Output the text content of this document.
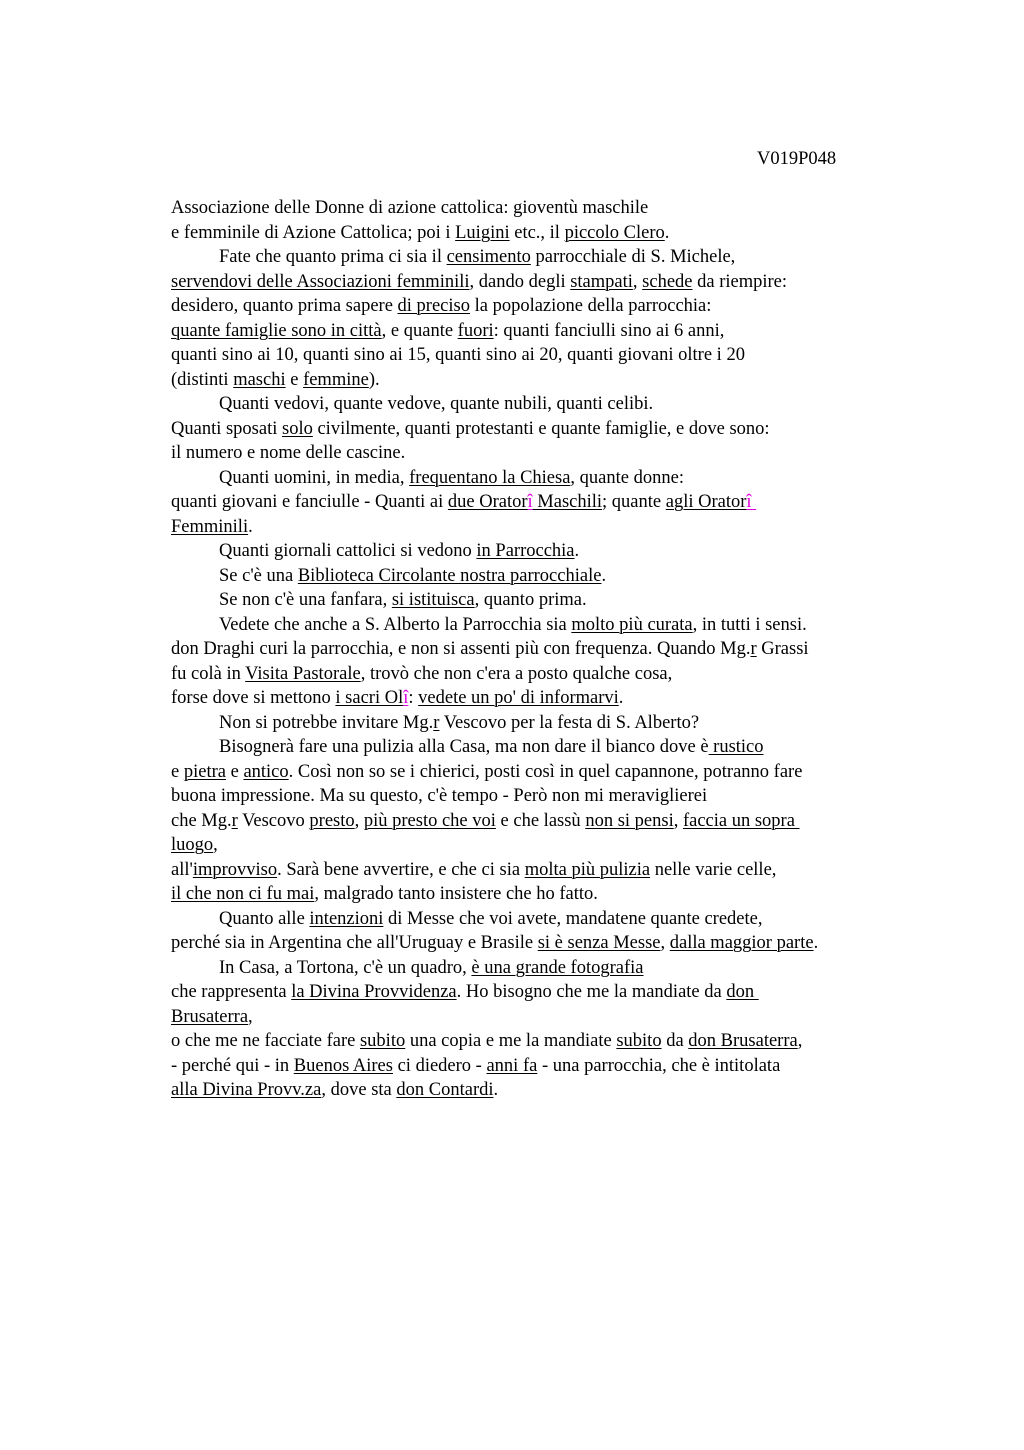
V019P048
Associazione delle Donne di azione cattolica: gioventù maschile
e femminile di Azione Cattolica; poi i Luigini etc., il piccolo Clero.
Fate che quanto prima ci sia il censimento parrocchiale di S. Michele,
servendovi delle Associazioni femminili, dando degli stampati, schede da riempire:
desidero, quanto prima sapere di preciso la popolazione della parrocchia:
quante famiglie sono in città, e quante fuori: quanti fanciulli sino ai 6 anni,
quanti sino ai 10, quanti sino ai 15, quanti sino ai 20, quanti giovani oltre i 20
(distinti maschi e femmine).
Quanti vedovi, quante vedove, quante nubili, quanti celibi.
Quanti sposati solo civilmente, quanti protestanti e quante famiglie, e dove sono:
il numero e nome delle cascine.
Quanti uomini, in media, frequentano la Chiesa, quante donne:
quanti giovani e fanciulle - Quanti ai due Oratorî Maschili; quante agli Oratorî
Femminili.
Quanti giornali cattolici si vedono in Parrocchia.
Se c'è una Biblioteca Circolante nostra parrocchiale.
Se non c'è una fanfara, si istituisca, quanto prima.
Vedete che anche a S. Alberto la Parrocchia sia molto più curata, in tutti i sensi.
don Draghi curi la parrocchia, e non si assenti più con frequenza. Quando Mg.r Grassi
fu colà in Visita Pastorale, trovò che non c'era a posto qualche cosa,
forse dove si mettono i sacri Olî: vedete un po' di informarvi.
Non si potrebbe invitare Mg.r Vescovo per la festa di S. Alberto?
Bisognerà fare una pulizia alla Casa, ma non dare il bianco dove è rustico
e pietra e antico. Così non so se i chierici, posti così in quel capannone, potranno fare
buona impressione. Ma su questo, c'è tempo - Però non mi meraviglierei
che Mg.r Vescovo presto, più presto che voi e che lassù non si pensi, faccia un sopra
luogo,
all'improvviso. Sarà bene avvertire, e che ci sia molta più pulizia nelle varie celle,
il che non ci fu mai, malgrado tanto insistere che ho fatto.
Quanto alle intenzioni di Messe che voi avete, mandatene quante credete,
perché sia in Argentina che all'Uruguay e Brasile si è senza Messe, dalla maggior parte.
In Casa, a Tortona, c'è un quadro, è una grande fotografia
che rappresenta la Divina Provvidenza. Ho bisogno che me la mandiate da don
Brusaterra,
o che me ne facciate fare subito una copia e me la mandiate subito da don Brusaterra,
- perché qui - in Buenos Aires ci diedero - anni fa - una parrocchia, che è intitolata
alla Divina Provv.za, dove sta don Contardi.
